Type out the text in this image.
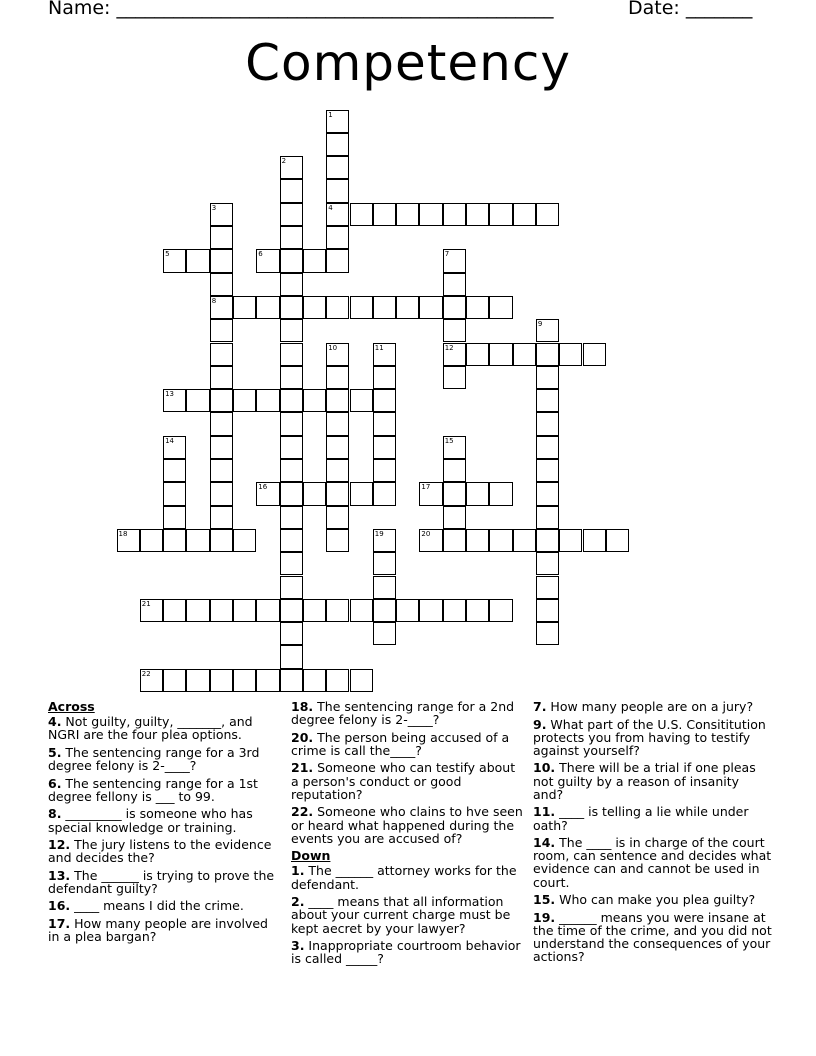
Name: ______________________________________________	Date: _______
Competency
1
4
2
3
8
5	6	7
12
9
10	11
13
14	15
16	17
18	19	20
21
22
Across
4. Not guilty, guilty, _______, and NGRI are the four plea options.
5. The sentencing range for a 3rd degree felony is 2-____?
6. The sentencing range for a 1st degree fellony is ___ to 99.
8. _________ is someone who has special knowledge or training.
12. The jury listens to the evidence and decides the?
13. The ______ is trying to prove the defendant guilty?
16. ____ means I did the crime.
17. How many people are involved in a plea bargan?
18. The sentencing range for a 2nd degree felony is 2-____?
20. The person being accused of a crime is call the____?
21. Someone who can testify about a person's conduct or good reputation?
22. Someone who clains to hve seen or heard what happened during the events you are accused of?
Down
1. The ______ attorney works for the defendant.
2. ____ means that all information about your current charge must be kept aecret by your lawyer?
3. Inappropriate courtroom behavior is called _____?
7. How many people are on a jury?
9. What part of the U.S. Consititution protects you from having to testify against yourself?
10. There will be a trial if one pleas not guilty by a reason of insanity and?
11. ____ is telling a lie while under oath?
14. The ____ is in charge of the court room, can sentence and decides what evidence can and cannot be used in court.
15. Who can make you plea guilty?
19. ______ means you were insane at the time of the crime, and you did not understand the consequences of your actions?
